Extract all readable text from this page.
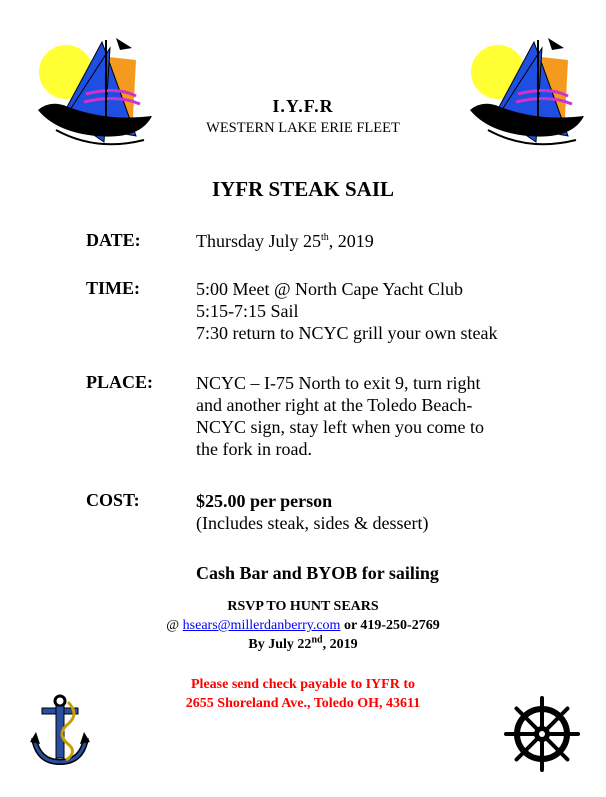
I.Y.F.R
WESTERN LAKE ERIE FLEET
IYFR STEAK SAIL
DATE:	Thursday July 25th, 2019
TIME:	5:00 Meet @ North Cape Yacht Club
5:15-7:15 Sail
7:30 return to NCYC grill your own steak
PLACE: NCYC – I-75 North to exit 9, turn right
and another right at the Toledo Beach-
NCYC sign, stay left when you come to
the fork in road.
COST:	$25.00 per person
(Includes steak, sides & dessert)
Cash Bar and BYOB for sailing
RSVP TO HUNT SEARS
@ hsears@millerdanberry.com or 419-250-2769
By July 22nd, 2019
Please send check payable to IYFR to
2655 Shoreland Ave., Toledo OH, 43611
